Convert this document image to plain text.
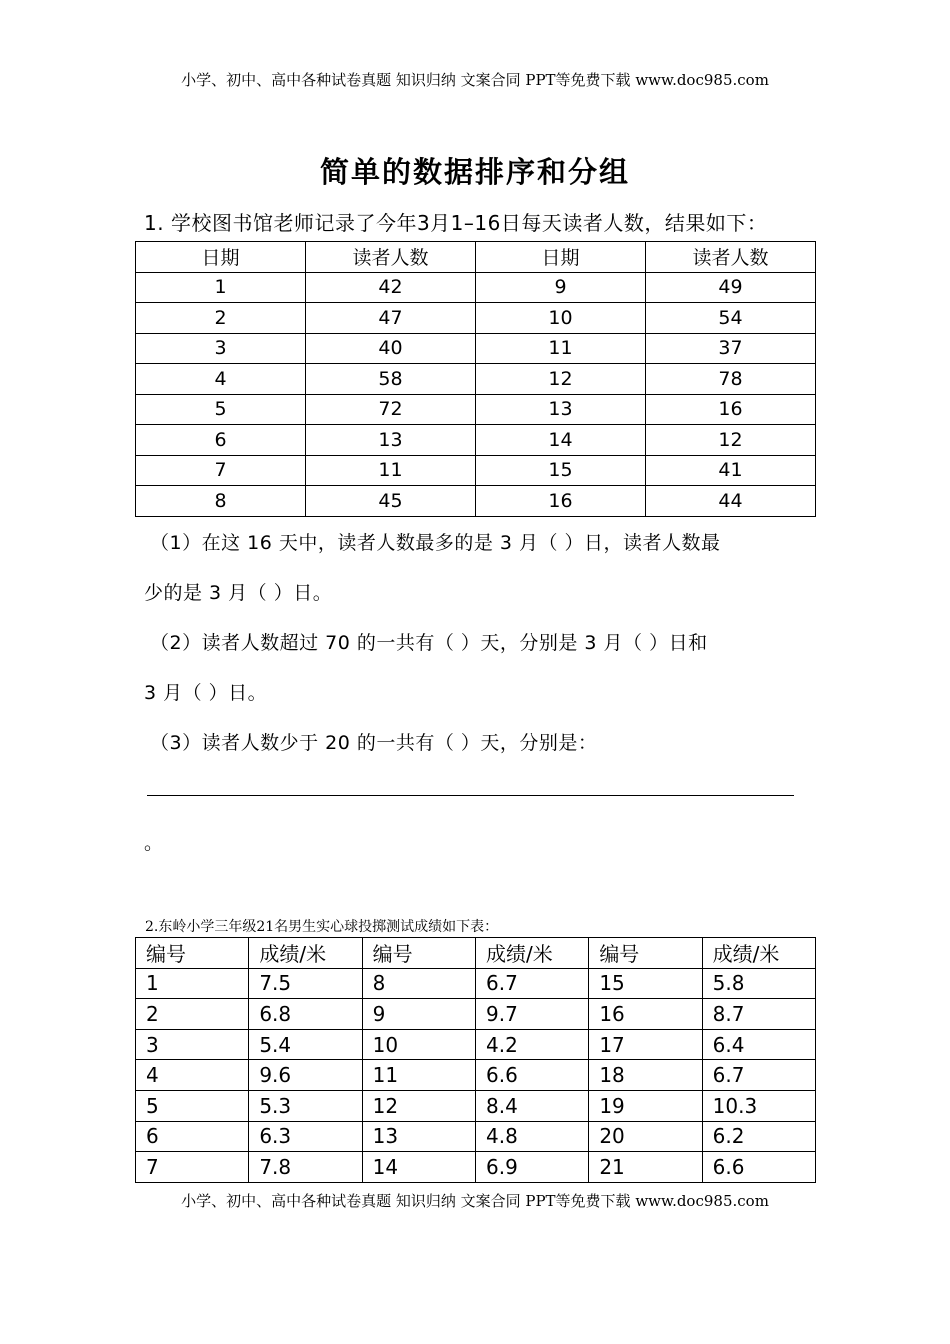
小学、初中、高中各种试卷真题 知识归纳 文案合同 PPT等免费下载 www.doc985.com
简单的数据排序和分组
1. 学校图书馆老师记录了今年3月1–16日每天读者人数，结果如下：
日期	读者人数	日期	读者人数
1	42	9	49
2	47	10	54
3	40	11	37
4	58	12	78
5	72	13	16
6	13	14	12
7	11	15	41
8	45	16	44
（1）在这 16 天中，读者人数最多的是 3 月（ ）日，读者人数最
少的是 3 月（ ）日。
（2）读者人数超过 70 的一共有（ ）天，分别是 3 月（ ）日和
3 月（ ）日。
（3）读者人数少于 20 的一共有（ ）天，分别是：
。
2.东岭小学三年级21名男生实心球投掷测试成绩如下表：
编号	成绩/米	编号	成绩/米	编号	成绩/米
1	7.5	8	6.7	15	5.8
2	6.8	9	9.7	16	8.7
3	5.4	10	4.2	17	6.4
4	9.6	11	6.6	18	6.7
5	5.3	12	8.4	19	10.3
6	6.3	13	4.8	20	6.2
7	7.8	14	6.9	21	6.6
小学、初中、高中各种试卷真题 知识归纳 文案合同 PPT等免费下载 www.doc985.com
